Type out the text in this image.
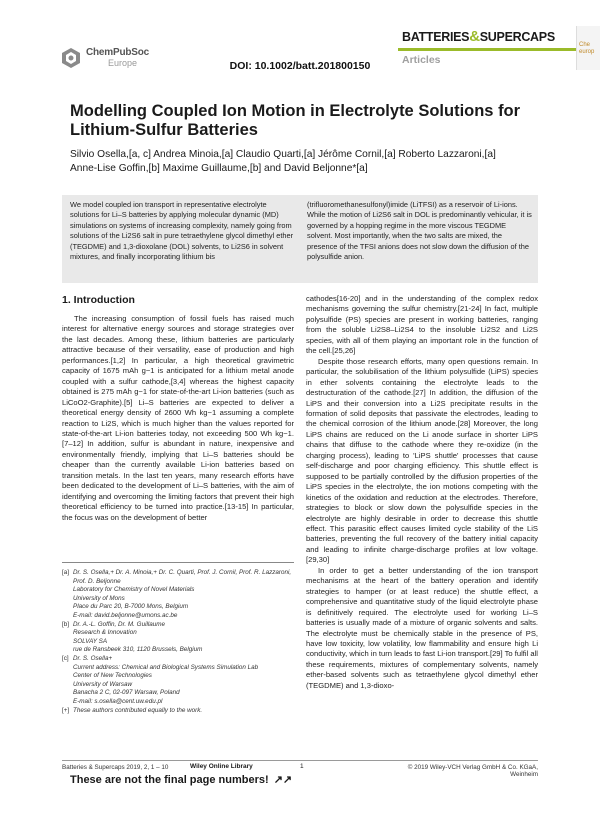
ChemPubSoc
Europe	DOI: 10.1002/batt.201800150
BATTERIES&SUPERCAPS
Articles
Che europ
Modelling Coupled Ion Motion in Electrolyte Solutions for Lithium-Sulfur Batteries
Silvio Osella,[a, c] Andrea Minoia,[a] Claudio Quarti,[a] Jérôme Cornil,[a] Roberto Lazzaroni,[a]
Anne-Lise Goffin,[b] Maxime Guillaume,[b] and David Beljonne*[a]
We model coupled ion transport in representative electrolyte solutions for Li–S batteries by applying molecular dynamic (MD) simulations on systems of increasing complexity, namely going from solutions of the Li2S6 salt in pure tetraethylene glycol dimethyl ether (TEGDME) and 1,3-dioxolane (DOL) solvents, to Li2S6 in solvent mixtures, and finally incorporating lithium bis
(trifluoromethanesulfonyl)imide (LiTFSI) as a reservoir of Li-ions. While the motion of Li2S6 salt in DOL is predominantly vehicular, it is governed by a hopping regime in the more viscous TEGDME solvent. Most importantly, when the two salts are mixed, the presence of the TFSI anions does not slow down the diffusion of the polysulfide anion.
1. Introduction

The increasing consumption of fossil fuels has raised much interest for alternative energy sources and storage strategies over the last decades. Among these, lithium batteries are particularly attractive because of their versatility, ease of production and high performances.[1,2] In particular, a high theoretical gravimetric capacity of 1675 mAh g−1 is anticipated for a lithium metal anode coupled with a sulfur cathode,[3,4] whereas the highest capacity obtained is 275 mAh g−1 for state-of-the-art Li-ion batteries (such as LiCoO2-Graphite).[5] Li–S batteries are expected to deliver a theoretical energy density of 2600 Wh kg−1 assuming a complete reaction to Li2S, which is much higher than the values reported for state-of-the-art Li-ion batteries today, not exceeding 500 Wh kg−1.[7–12] In addition, sulfur is abundant in nature, inexpensive and environmentally friendly, implying that Li–S batteries should be cheaper than the currently available Li-ion batteries based on transition metals. In the last ten years, many research efforts have been dedicated to the development of Li–S batteries, with the aim of identifying and overcoming the limiting factors that prevent their high theoretical efficiency to be turned into practice.[13-15] In particular, the focus was on the development of better

cathodes[16-20] and in the understanding of the complex redox mechanisms governing the sulfur chemistry.[21-24] In fact, multiple polysulfide (PS) species are present in working batteries, ranging from the soluble Li2S8–Li2S4 to the insoluble Li2S2 and Li2S species, with all of them playing an important role in the function of the cell.[25,26]

Despite those research efforts, many open questions remain. In particular, the solubilisation of the lithium polysulfide (LiPS) species in ether solvents containing the electrolyte leads to the destructuration of the cathode.[27] In addition, the diffusion of the LiPS and their conversion into a Li2S precipitate results in the formation of solid deposits that passivate the electrodes, leading to the chemical corrosion of the lithium anode.[28] Moreover, the long LiPS chains are reduced on the Li anode surface in shorter LiPS chains that diffuse to the cathode where they re-oxidize (in the charging process), leading to 'LiPS shuttle' processes that cause self-discharge and poor charging efficiency. This shuttle effect is supposed to be partially controlled by the diffusion properties of the LiPS species in the electrolyte, the ion motions competing with the kinetics of the oxidation and reduction at the electrodes. Therefore, strategies to block or slow down the polysulfide species in the electrolyte are highly desirable in order to decrease this shuttle effect. This parasitic effect causes limited cycle stability of the LiS batteries, preventing the full recovery of the battery initial capacity and leading to infinite charge-discharge profiles at low voltage.[29,30]

In order to get a better understanding of the ion transport mechanisms at the heart of the battery operation and identify strategies to hamper (or at least reduce) the shuttle effect, a comprehensive and quantitative study of the liquid electrolyte phase is definitively required. The electrolyte used for working Li–S batteries is usually made of a mixture of organic solvents and salts. The electrolyte must be chemically stable in the presence of PS, have low toxicity, low volatility, low flammability and ensure high Li conductivity, which in turn leads to fast Li-ion transport.[29] To fulfil all these requirements, mixtures of complementary solvents, namely ether-based solvents such as tetraethylene glycol dimethyl ether (TEGDME) and 1,3-dioxo-

[a] Dr. S. Osella,+ Dr. A. Minoia,+ Dr. C. Quarti, Prof. J. Cornil, Prof. R. Lazzaroni,
Prof. D. Beljonne
Laboratory for Chemistry of Novel Materials
University of Mons
Place du Parc 20, B-7000 Mons, Belgium
E-mail: david.beljonne@umons.ac.be
[b] Dr. A.-L. Goffin, Dr. M. Guillaume
Research & Innovation
SOLVAY SA
rue de Ransbeek 310, 1120 Brussels, Belgium
[c] Dr. S. Osella+
Current address: Chemical and Biological Systems Simulation Lab
Center of New Technologies
University of Warsaw
Banacha 2 C, 02-097 Warsaw, Poland
E-mail: s.osella@cent.uw.edu.pl
[+] These authors contributed equally to the work.
Batteries & Supercaps 2019, 2, 1 – 10	Wiley Online Library	1	© 2019 Wiley-VCH Verlag GmbH & Co. KGaA, Weinheim
These are not the final page numbers! ↗↗
